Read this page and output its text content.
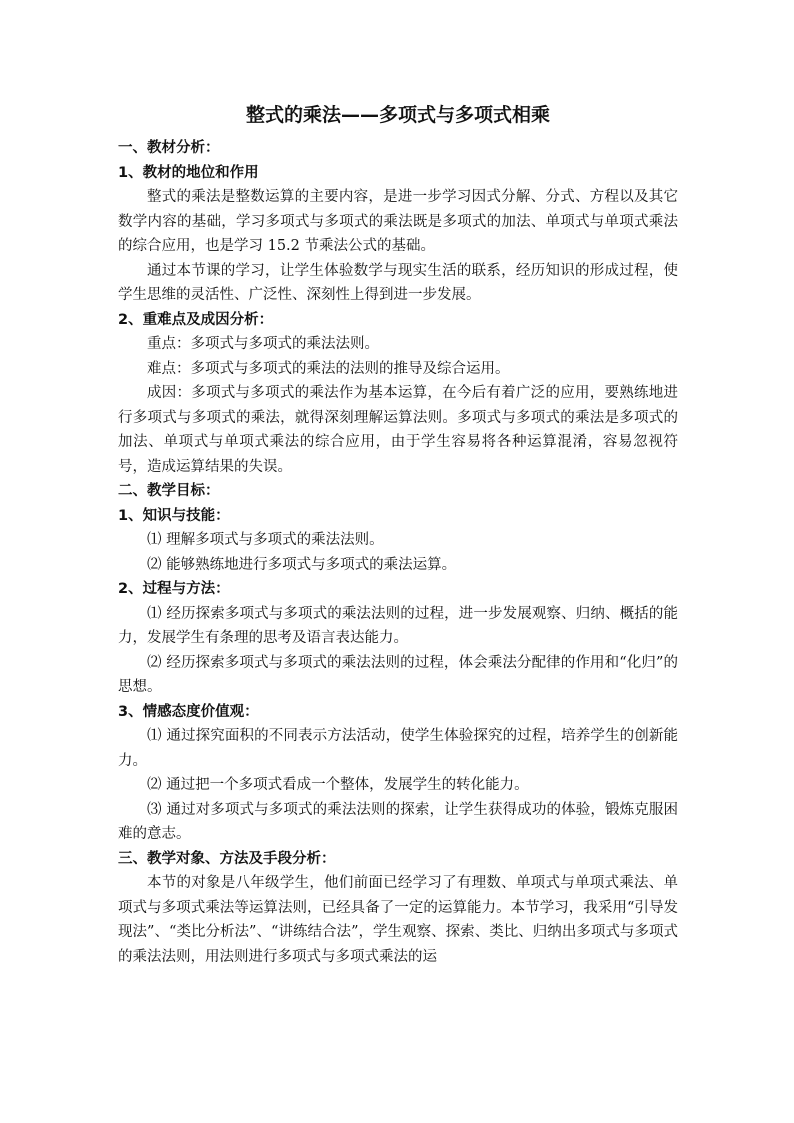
整式的乘法——多项式与多项式相乘
一、教材分析：
1、教材的地位和作用
整式的乘法是整数运算的主要内容，是进一步学习因式分解、分式、方程以及其它数学内容的基础，学习多项式与多项式的乘法既是多项式的加法、单项式与单项式乘法的综合应用，也是学习 15.2 节乘法公式的基础。
通过本节课的学习，让学生体验数学与现实生活的联系，经历知识的形成过程，使学生思维的灵活性、广泛性、深刻性上得到进一步发展。
2、重难点及成因分析：
重点：多项式与多项式的乘法法则。
难点：多项式与多项式的乘法的法则的推导及综合运用。
成因：多项式与多项式的乘法作为基本运算，在今后有着广泛的应用，要熟练地进行多项式与多项式的乘法，就得深刻理解运算法则。多项式与多项式的乘法是多项式的加法、单项式与单项式乘法的综合应用，由于学生容易将各种运算混淆，容易忽视符号，造成运算结果的失误。
二、教学目标：
1、知识与技能：
⑴ 理解多项式与多项式的乘法法则。
⑵ 能够熟练地进行多项式与多项式的乘法运算。
2、过程与方法：
⑴ 经历探索多项式与多项式的乘法法则的过程，进一步发展观察、归纳、概括的能力，发展学生有条理的思考及语言表达能力。
⑵ 经历探索多项式与多项式的乘法法则的过程，体会乘法分配律的作用和“化归”的思想。
3、情感态度价值观：
⑴ 通过探究面积的不同表示方法活动，使学生体验探究的过程，培养学生的创新能力。
⑵ 通过把一个多项式看成一个整体，发展学生的转化能力。
⑶ 通过对多项式与多项式的乘法法则的探索，让学生获得成功的体验，锻炼克服困难的意志。
三、教学对象、方法及手段分析：
本节的对象是八年级学生，他们前面已经学习了有理数、单项式与单项式乘法、单项式与多项式乘法等运算法则，已经具备了一定的运算能力。本节学习，我采用“引导发现法”、“类比分析法”、“讲练结合法”，学生观察、探索、类比、归纳出多项式与多项式的乘法法则，用法则进行多项式与多项式乘法的运
